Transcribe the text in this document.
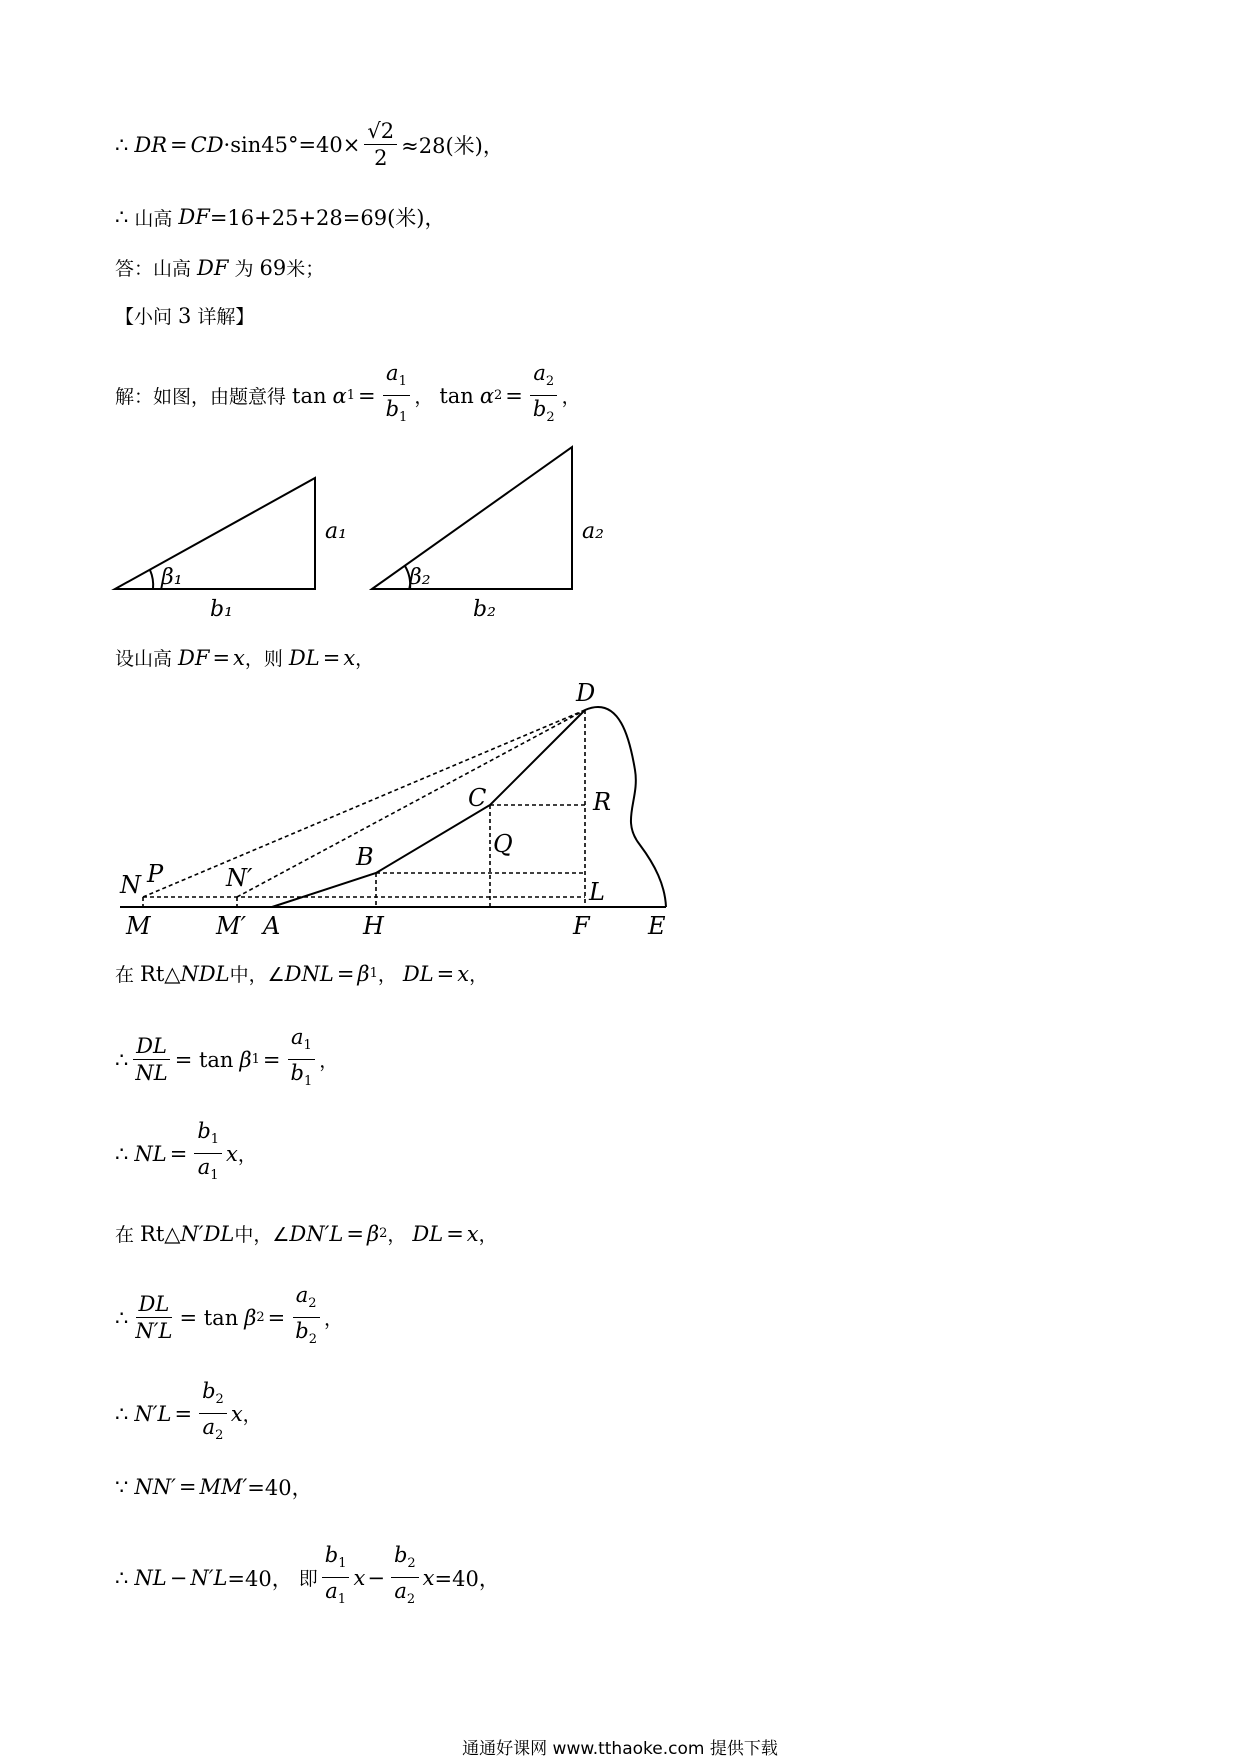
∴ DR = CD $\cdot\sin 45^\circ=40\times \frac{√2}{2} \approx 28$(米)，
∴ 山高 DF =16+25+28=69(米)，
答：山高 DF 为 69 米；
【小问 3 详解】
解：如图，由题意得 tan α $1 = \frac{a_1}{b_1}$ ， tan α $2 = \frac{a_2}{b_2}$ ，
a₁
b₁
β₁
a₂
b₂
β₂
设山高 DF = x ，则 DL = x ，
D
C	R
B	Q
N P	N′	L
M	M′ A	H	F E
在 Rt△ NDL 中，∠ DNL = β 1 ， DL = x ，
∴ $\frac{DL}{NL} = \tan \beta$ $1 = \frac{a_1}{b_1}$ ，
∴ NL = $\frac{b_1}{a_1}$ x ，
在 Rt△ N′DL 中，∠ DN′L = β 2 ， DL = x ，
∴ $\frac{DL}{N'L} = \tan \beta$ $2 = \frac{a_2}{b_2}$ ，
∴ $N'L = \frac{b_2}{a_2}$ x ，
∵ NN′ = MM′ =40，
∴ NL − N′L =40， 即 $\frac{b_1}{a_1}$ $x - \frac{b_2}{a_2}$ x =40，
通通好课网 www.tthaoke.com 提供下载
